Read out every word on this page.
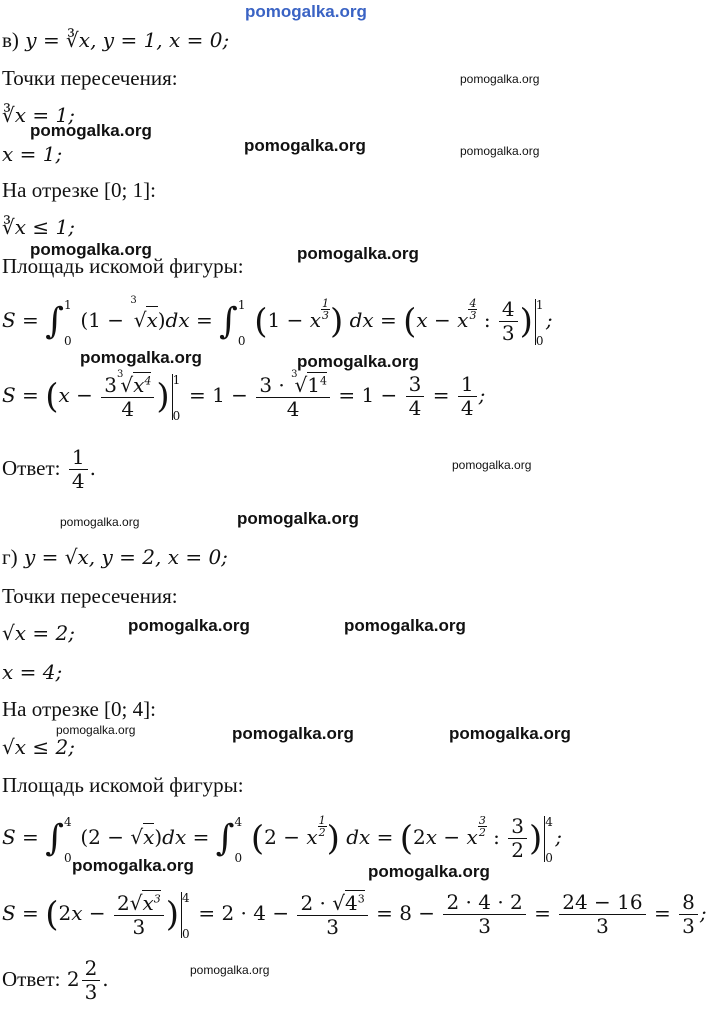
pomogalka.org
pomogalka.org
pomogalka.org
pomogalka.org	pomogalka.org
pomogalka.org	pomogalka.org
pomogalka.org	pomogalka.org
pomogalka.org
pomogalka.org	pomogalka.org
pomogalka.org	pomogalka.org
pomogalka.org	pomogalka.org	pomogalka.org
pomogalka.org	pomogalka.org
pomogalka.org
в) y = ∛x, y = 1, x = 0;
Точки пересечения:
∛x = 1;
x = 1;
На отрезке [0; 1]:
∛x ≤ 1;
Площадь искомой фигуры:
S = ∫ 1
0
(1 − $^3$√x)dx = ∫ 1
0 (1 − x $\frac{1}{3}$ ) dx = (x − x $\frac{4}{3}$ : $\frac{4}{3}$ ) 1
0
;
$S = (x - \frac{3^3√x^4}{4}$ ) 1
0
= $1 - \frac{3 \cdot ^3√1^4}{4} = 1 - \frac{3}{4} = \frac{1}{4}$ ;
Ответ: $\frac{1}{4}$ .
г) y = √x, y = 2, x = 0;
Точки пересечения:
√x = 2;
x = 4;
На отрезке [0; 4]:
√x ≤ 2;
Площадь искомой фигуры:
S = ∫ 4
0
(2 − √x)dx = ∫ 4
0 (2 − x $\frac{1}{2}$ ) dx = (2x − x $\frac{3}{2}$ : $\frac{3}{2}$ ) 4
0
;
$S = (2x - \frac{2√x^3}{3}$ ) 4
0
= $2 \cdot 4 - \frac{2 \cdot √4^3}{3} = 8 - \frac{2 \cdot 4 \cdot 2}{3} = \frac{24 - 16}{3} = \frac{8}{3}$ ;
Ответ: $2 \frac{2}{3}$ .
